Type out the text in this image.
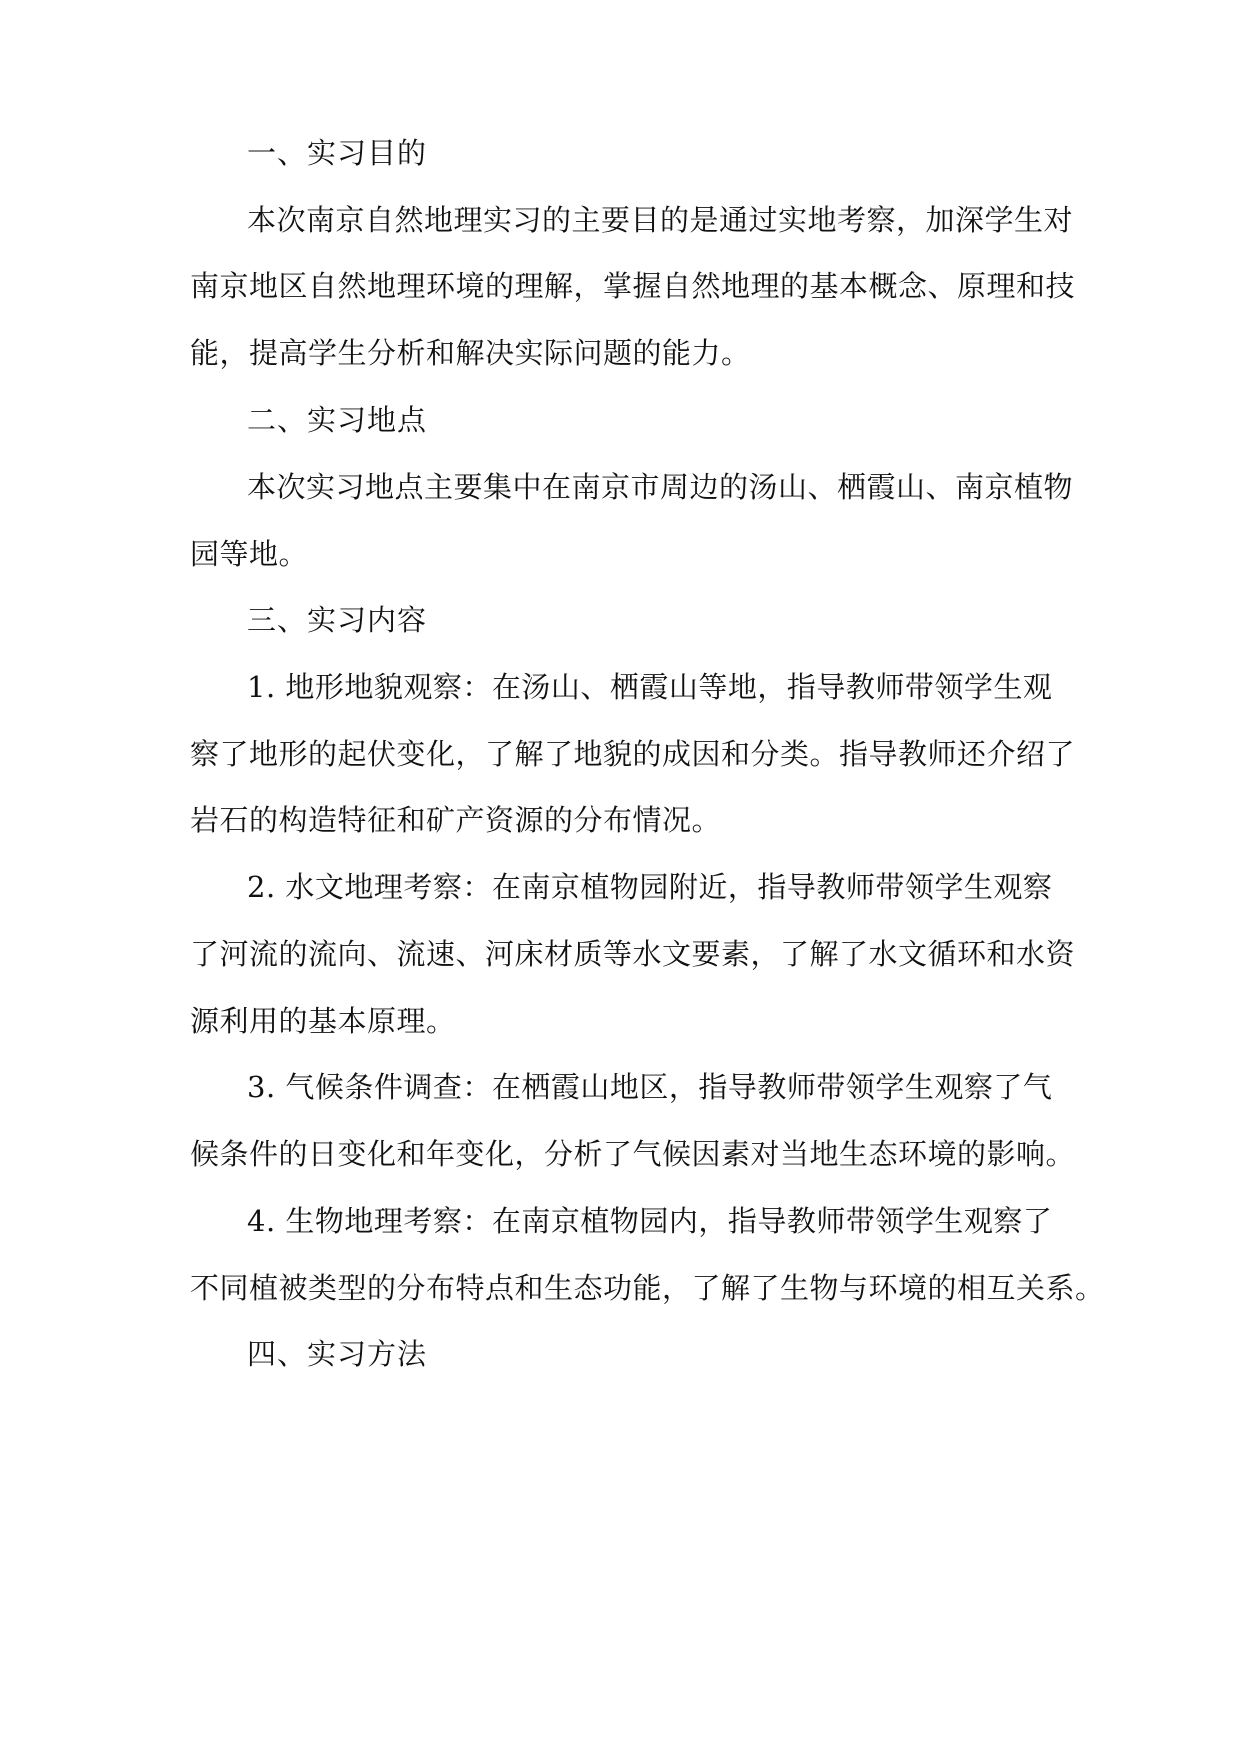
一、实习目的
本次南京自然地理实习的主要目的是通过实地考察，加深学生对
南京地区自然地理环境的理解，掌握自然地理的基本概念、原理和技
能，提高学生分析和解决实际问题的能力。
二、实习地点
本次实习地点主要集中在南京市周边的汤山、栖霞山、南京植物
园等地。
三、实习内容
1. 地形地貌观察：在汤山、栖霞山等地，指导教师带领学生观
察了地形的起伏变化，了解了地貌的成因和分类。指导教师还介绍了
岩石的构造特征和矿产资源的分布情况。
2. 水文地理考察：在南京植物园附近，指导教师带领学生观察
了河流的流向、流速、河床材质等水文要素，了解了水文循环和水资
源利用的基本原理。
3. 气候条件调查：在栖霞山地区，指导教师带领学生观察了气
候条件的日变化和年变化，分析了气候因素对当地生态环境的影响。
4. 生物地理考察：在南京植物园内，指导教师带领学生观察了
不同植被类型的分布特点和生态功能，了解了生物与环境的相互关系。
四、实习方法
